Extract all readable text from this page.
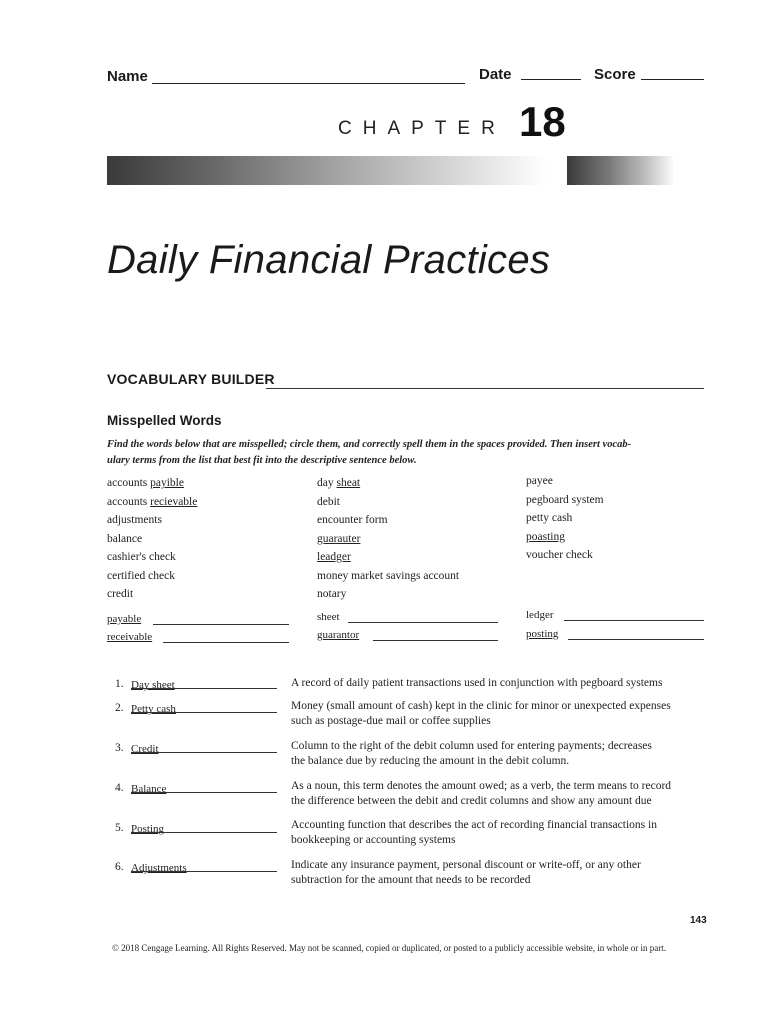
Name	Date	Score
CHAPTER 18
Daily Financial Practices
VOCABULARY BUILDER
Misspelled Words
Find the words below that are misspelled; circle them, and correctly spell them in the spaces provided. Then insert vocab-
ulary terms from the list that best fit into the descriptive sentence below.
accounts payible
accounts recievable
adjustments
balance
cashier's check
certified check
credit
day sheat
debit
encounter form
guarauter
leadger
money market savings account
notary
payee
pegboard system
petty cash
poasting
voucher check
payable
receivable
sheet
guarantor
ledger
posting
1. Day sheet	A record of daily patient transactions used in conjunction with pegboard systems
2. Petty cash	Money (small amount of cash) kept in the clinic for minor or unexpected expenses
such as postage-due mail or coffee supplies
3. Credit	Column to the right of the debit column used for entering payments; decreases
the balance due by reducing the amount in the debit column.
4. Balance	As a noun, this term denotes the amount owed; as a verb, the term means to record
the difference between the debit and credit columns and show any amount due
5. Posting	Accounting function that describes the act of recording financial transactions in
bookkeeping or accounting systems
6. Adjustments	Indicate any insurance payment, personal discount or write-off, or any other
subtraction for the amount that needs to be recorded
143
© 2018 Cengage Learning. All Rights Reserved. May not be scanned, copied or duplicated, or posted to a publicly accessible website, in whole or in part.
